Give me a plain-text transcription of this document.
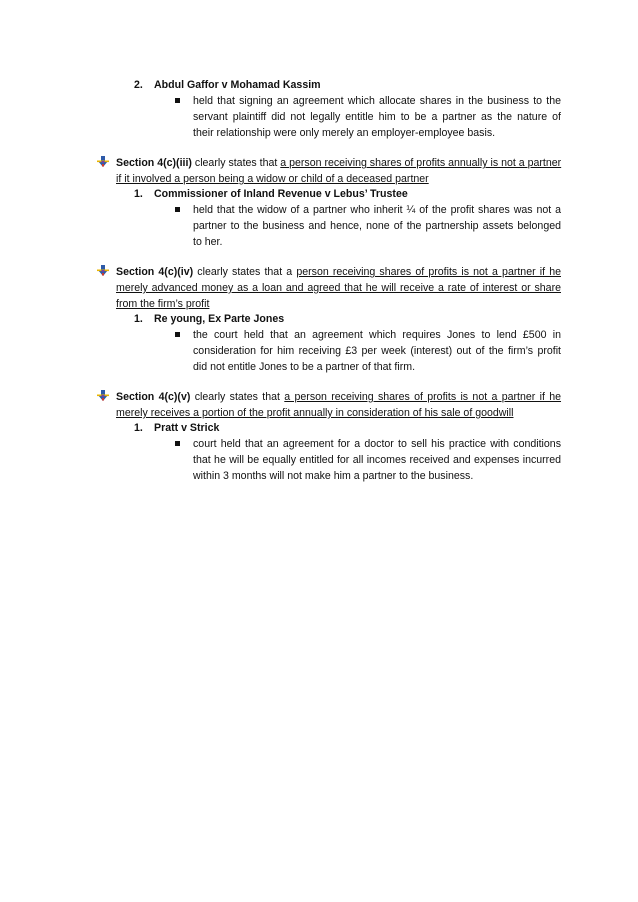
2. Abdul Gaffor v Mohamad Kassim
held that signing an agreement which allocate shares in the business to the
servant plaintiff did not legally entitle him to be a partner as the nature of
their relationship were only merely an employer-employee basis.
Section 4(c)(iii) clearly states that a person receiving shares of profits annually is not a partner
if it involved a person being a widow or child of a deceased partner
1. Commissioner of Inland Revenue v Lebus’ Trustee
held that the widow of a partner who inherit ¼ of the profit shares was not a
partner to the business and hence, none of the partnership assets belonged
to her.
Section 4(c)(iv) clearly states that a person receiving shares of profits is not a partner if he
merely advanced money as a loan and agreed that he will receive a rate of interest or share
from the firm’s profit
1. Re young, Ex Parte Jones
the court held that an agreement which requires Jones to lend £500 in
consideration for him receiving £3 per week (interest) out of the firm’s profit
did not entitle Jones to be a partner of that firm.
Section 4(c)(v) clearly states that a person receiving shares of profits is not a partner if he
merely receives a portion of the profit annually in consideration of his sale of goodwill
1. Pratt v Strick
court held that an agreement for a doctor to sell his practice with conditions
that he will be equally entitled for all incomes received and expenses incurred
within 3 months will not make him a partner to the business.
